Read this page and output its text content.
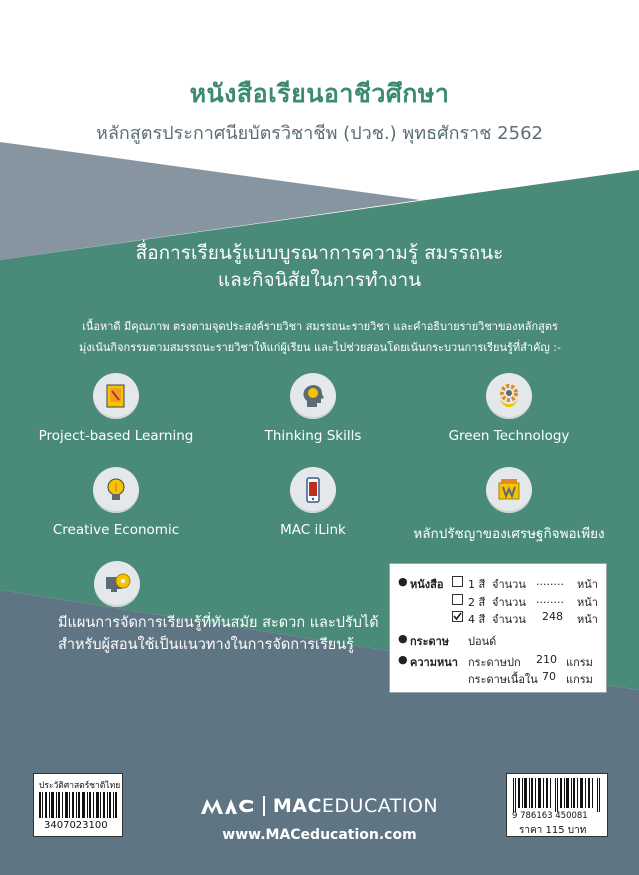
หนังสือเรียนอาชีวศึกษา
หลักสูตรประกาศนียบัตรวิชาชีพ (ปวช.) พุทธศักราช 2562
สื่อการเรียนรู้แบบบูรณาการความรู้ สมรรถนะ
และกิจนิสัยในการทำงาน
เนื้อหาดี มีคุณภาพ ตรงตามจุดประสงค์รายวิชา สมรรถนะรายวิชา และคำอธิบายรายวิชาของหลักสูตร
มุ่งเน้นกิจกรรมตามสมรรถนะรายวิชาให้แก่ผู้เรียน และไปช่วยสอนโดยเน้นกระบวนการเรียนรู้ที่สำคัญ :-
Project-based Learning	Thinking Skills	Green Technology
Creative Economic	MAC iLink	หลักปรัชญาของเศรษฐกิจพอเพียง
มีแผนการจัดการเรียนรู้ที่ทันสมัย สะดวก และปรับได้
สำหรับผู้สอนใช้เป็นแนวทางในการจัดการเรียนรู้
● หนังสือ 1 สี จำนวน ........ หน้า
2 สี จำนวน ........ หน้า
4 สี จำนวน 248 หน้า
● กระดาษ ปอนด์
● ความหนา กระดาษปก 210 แกรม
กระดาษเนื้อใน 70 แกรม
ประวัติศาสตร์ชาติไทย
3407023100
9 786163 450081
ราคา 115 บาท
MACEDUCATION
www.MACeducation.com
